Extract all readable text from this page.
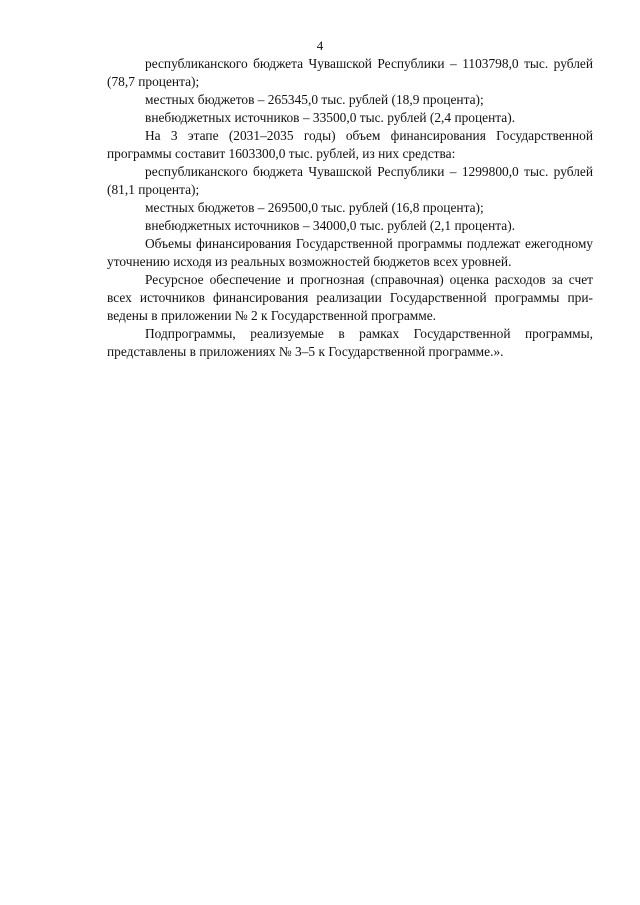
4

республиканского бюджета Чувашской Республики – 1103798,0 тыс. рублей (78,7 процента);

местных бюджетов – 265345,0 тыс. рублей (18,9 процента);

внебюджетных источников – 33500,0 тыс. рублей (2,4 процента).

На 3 этапе (2031–2035 годы) объем финансирования Государственной программы составит 1603300,0 тыс. рублей, из них средства:

республиканского бюджета Чувашской Республики – 1299800,0 тыс. рублей (81,1 процента);

местных бюджетов – 269500,0 тыс. рублей (16,8 процента);

внебюджетных источников – 34000,0 тыс. рублей (2,1 процента).

Объемы финансирования Государственной программы подлежат ежегодному уточнению исходя из реальных возможностей бюджетов всех уровней.

Ресурсное обеспечение и прогнозная (справочная) оценка расходов за счет всех источников финансирования реализации Государственной программы приведены в приложении № 2 к Государственной программе.

Подпрограммы, реализуемые в рамках Государственной программы, представлены в приложениях № 3–5 к Государственной программе.».
